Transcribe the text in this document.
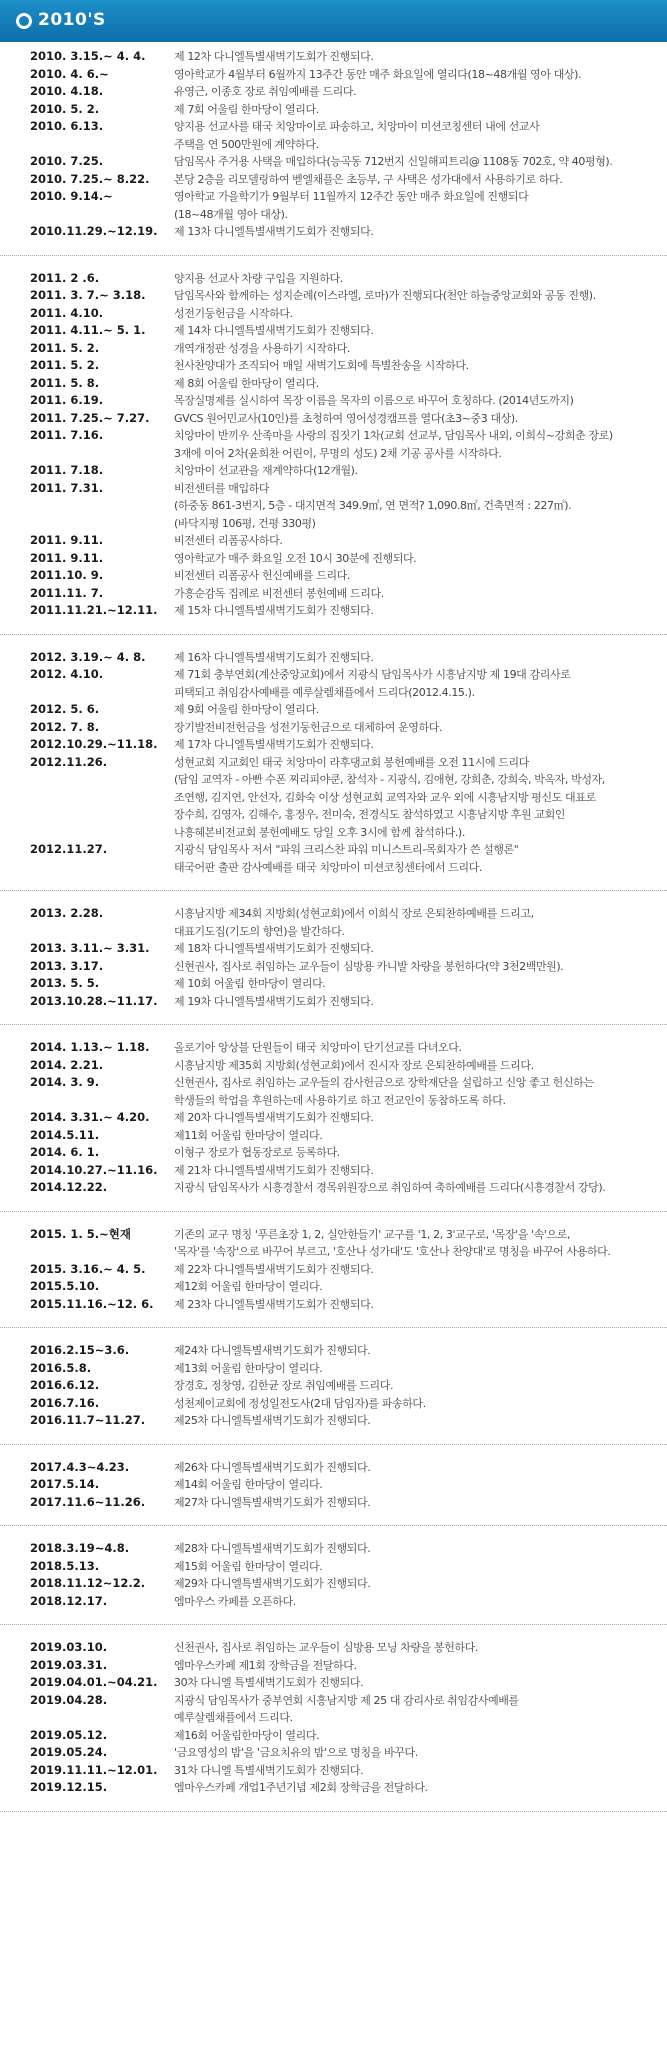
2010'S
2010. 3.15.~ 4. 4.	제 12차 다니엘특별새벽기도회가 진행되다.
2010. 4. 6.~	영아학교가 4월부터 6월까지 13주간 동안 매주 화요일에 열리다(18~48개월 영아 대상).
2010. 4.18.	유영근, 이종호 장로 취임예배를 드리다.
2010. 5. 2.	제 7회 어울림 한마당이 열리다.
2010. 6.13.	양지용 선교사를 태국 치앙마이로 파송하고, 치앙마이 미션코칭센터 내에 선교사
주택을 연 500만원에 계약하다.
2010. 7.25.	담임목사 주거용 사택을 매입하다(능곡동 712번지 신일해피트리@ 1108동 702호, 약 40평형).
2010. 7.25.~ 8.22.	본당 2층을 리모델링하여 벧엘채플은 초등부, 구 사택은 성가대에서 사용하기로 하다.
2010. 9.14.~	영아학교 가을학기가 9월부터 11월까지 12주간 동안 매주 화요일에 진행되다
(18~48개월 영아 대상).
2010.11.29.~12.19.	제 13차 다니엘특별새벽기도회가 진행되다.
2011. 2 .6.	양지용 선교사 차량 구입을 지원하다.
2011. 3. 7.~ 3.18.	담임목사와 함께하는 성지순례(이스라엘, 로마)가 진행되다(천안 하늘중앙교회와 공동 진행).
2011. 4.10.	성전기둥헌금을 시작하다.
2011. 4.11.~ 5. 1.	제 14차 다니엘특별새벽기도회가 진행되다.
2011. 5. 2.	개역개정판 성경을 사용하기 시작하다.
2011. 5. 2.	천사찬양대가 조직되어 매일 새벽기도회에 특별찬송을 시작하다.
2011. 5. 8.	제 8회 어울림 한마당이 열리다.
2011. 6.19.	목장실명제를 실시하여 목장 이름을 목자의 이름으로 바꾸어 호칭하다. (2014년도까지)
2011. 7.25.~ 7.27.	GVCS 원어민교사(10인)를 초청하여 영어성경캠프를 열다(초3~중3 대상).
2011. 7.16.	치앙마이 반끼우 산족마을 사랑의 집짓기 1차(교회 선교부, 담임목사 내외, 이희식~강희춘 장로)
3재에 이어 2차(윤희찬 어린이, 무명의 성도) 2채 기공 공사를 시작하다.
2011. 7.18.	치앙마이 선교관을 재계약하다(12개월).
2011. 7.31.	비전센터를 매입하다
(하중동 861-3번지, 5층 - 대지면적 349.9㎡, 연 면적? 1,090.8㎡, 건축면적 : 227㎡).
(바닥지평 106평, 건평 330평)
2011. 9.11.	비전센터 리폼공사하다.
2011. 9.11.	영아학교가 매주 화요일 오전 10시 30분에 진행되다.
2011.10. 9.	비전센터 리폼공사 헌신예배를 드리다.
2011.11. 7.	가흥순감독 집례로 비전센터 봉헌예배 드리다.
2011.11.21.~12.11.	제 15차 다니엘특별새벽기도회가 진행되다.
2012. 3.19.~ 4. 8.	제 16차 다니엘특별새벽기도회가 진행되다.
2012. 4.10.	제 71회 충부연회(계산중앙교회)에서 지광식 담임목사가 시흥남지방 제 19대 감리사로
피택되고 취임감사예배를 예루살렘채플에서 드리다(2012.4.15.).
2012. 5. 6.	제 9회 어울림 한마당이 열리다.
2012. 7. 8.	장기발전비전헌금을 성전기둥헌금으로 대체하여 운영하다.
2012.10.29.~11.18.	제 17차 다니엘특별새벽기도회가 진행되다.
2012.11.26.	성현교회 지교회인 태국 치앙마이 라후댕교회 봉헌예배를 오전 11시에 드리다
(담임 교역자 - 아빤 수폰 찌리피야쿤, 참석자 - 지광식, 김애현, 강희춘, 강희숙, 박옥자, 박성자,
조연행, 김지연, 안선자, 김화숙 이상 성현교회 교역자와 교우 외에 시흥남지방 평신도 대표로
장수희, 김영자, 김해수, 홍정우, 전미숙, 전경식도 참석하였고 시흥남지방 후원 교회인
나흥혜본비전교회 봉헌예배도 당일 오후 3시에 함께 참석하다.).
2012.11.27.	지광식 담임목사 저서 "파워 크리스찬 파워 미니스트리-목회자가 쓴 설행론"
태국어판 출판 감사예배를 태국 치앙마이 미션코칭센터에서 드리다.
2013. 2.28.	시흥남지방 제34회 지방회(성현교회)에서 이희식 장로 은퇴찬하예배를 드리고,
대표기도집(기도의 향연)을 발간하다.
2013. 3.11.~ 3.31.	제 18차 다니엘특별새벽기도회가 진행되다.
2013. 3.17.	신현권사, 집사로 취임하는 교우들이 심방용 카니발 차량을 봉헌하다(약 3천2백만원).
2013. 5. 5.	제 10회 어울림 한마당이 열리다.
2013.10.28.~11.17.	제 19차 다니엘특별새벽기도회가 진행되다.
2014. 1.13.~ 1.18.	올로기아 앙상블 단원들이 태국 치앙마이 단기선교를 다녀오다.
2014. 2.21.	시흥남지방 제35회 지방회(성현교회)에서 진시자 장로 은퇴찬하예배를 드리다.
2014. 3. 9.	신현권사, 집사로 취임하는 교우들의 감사헌금으로 장학재단을 설립하고 신앙 좋고 헌신하는
학생들의 학업을 후원하는데 사용하기로 하고 전교인이 동참하도록 하다.
2014. 3.31.~ 4.20.	제 20차 다니엘특별새벽기도회가 진행되다.
2014.5.11.	제11회 어울림 한마당이 열리다.
2014. 6. 1.	이형구 장로가 협동장로로 등록하다.
2014.10.27.~11.16.	제 21차 다니엘특별새벽기도회가 진행되다.
2014.12.22.	지광식 담임목사가 시흥경찰서 경목위원장으로 취임하여 축하예배를 드리다(시흥경찰서 강당).
2015. 1. 5.~현재	기존의 교구 명칭 '푸른초장 1, 2, 실안한들기' 교구를 '1, 2, 3'교구로, '목장'을 '속'으로,
'목자'를 '속장'으로 바꾸어 부르고, '호산나 성가대'도 '호산나 찬양대'로 명칭을 바꾸어 사용하다.
2015. 3.16.~ 4. 5.	제 22차 다니엘특별새벽기도회가 진행되다.
2015.5.10.	제12회 어울림 한마당이 열리다.
2015.11.16.~12. 6.	제 23차 다니엘특별새벽기도회가 진행되다.
2016.2.15~3.6.	제24차 다니엘특별새벽기도회가 진행되다.
2016.5.8.	제13회 어울림 한마당이 열리다.
2016.6.12.	장경호, 정창영, 김한균 장로 취임예배를 드리다.
2016.7.16.	성천제이교회에 정성일전도사(2대 담임자)를 파송하다.
2016.11.7~11.27.	제25차 다니엘특별새벽기도회가 진행되다.
2017.4.3~4.23.	제26차 다니엘특별새벽기도회가 진행되다.
2017.5.14.	제14회 어울림 한마당이 열리다.
2017.11.6~11.26.	제27차 다니엘특별새벽기도회가 진행되다.
2018.3.19~4.8.	제28차 다니엘특별새벽기도회가 진행되다.
2018.5.13.	제15회 어울림 한마당이 열리다.
2018.11.12~12.2.	제29차 다니엘특별새벽기도회가 진행되다.
2018.12.17.	엠마우스 카페를 오픈하다.
2019.03.10.	신천권사, 집사로 취임하는 교우들이 심방용 모닝 차량을 봉헌하다.
2019.03.31.	엠마우스카페 제1회 장학금을 전달하다.
2019.04.01.~04.21.	30차 다니엘 특별새벽기도회가 진행되다.
2019.04.28.	지광식 담임목사가 중부연회 시흥남지방 제 25 대 감리사로 취임감사예배를
예루살렘채플에서 드리다.
2019.05.12.	제16회 어울림한마당이 열리다.
2019.05.24.	'금요영성의 밤'을 '금요치유의 밤'으로 명칭을 바꾸다.
2019.11.11.~12.01.	31차 다니엘 특별새벽기도회가 진행되다.
2019.12.15.	엠마우스카페 개업1주년기념 제2회 장학금을 전달하다.
